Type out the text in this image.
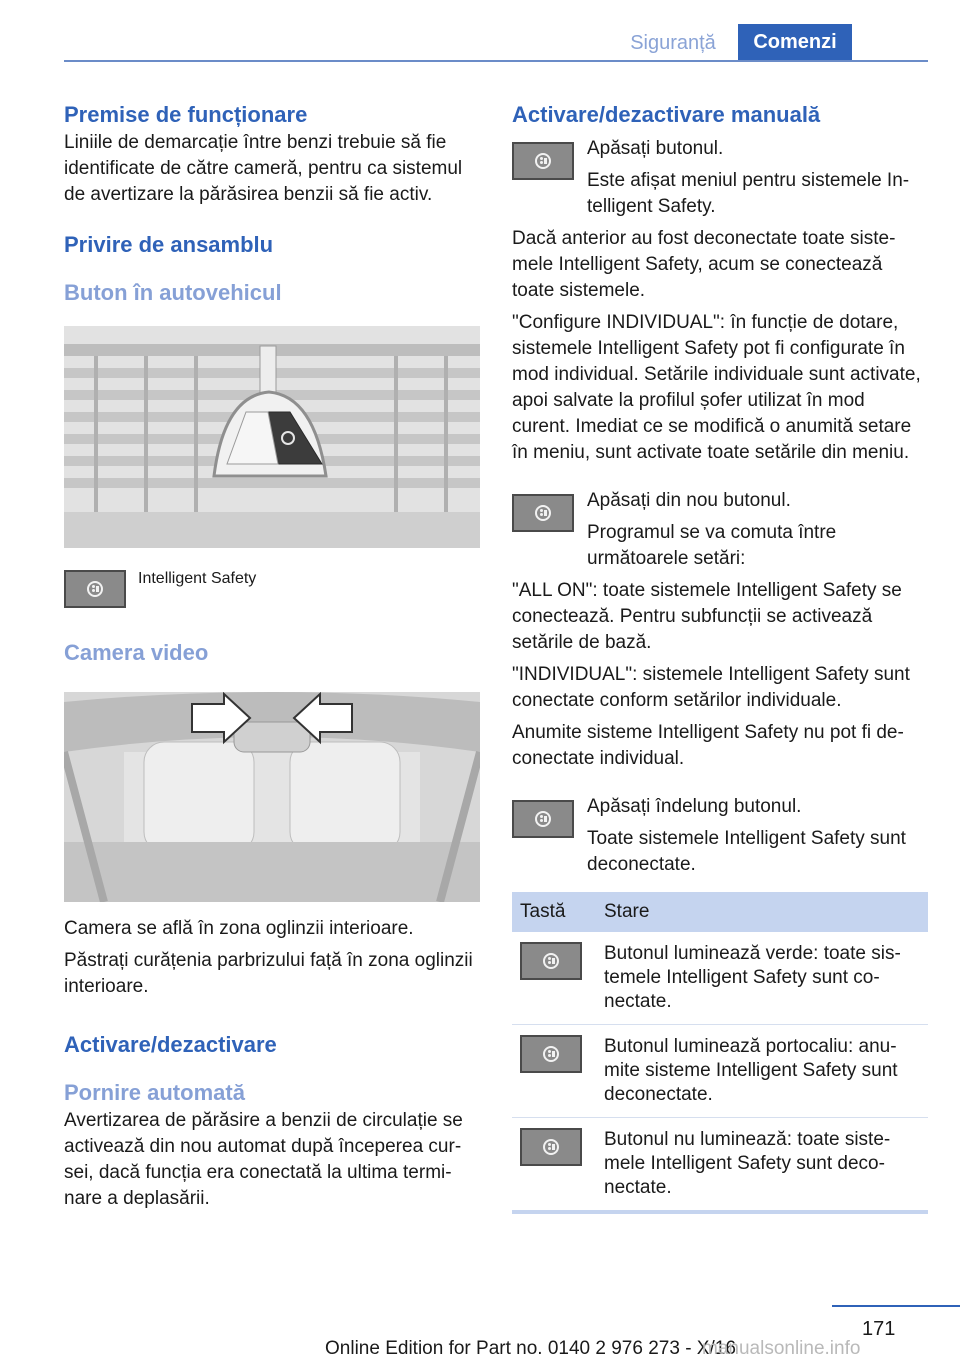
Siguranță	Comenzi
Premise de funcționare

Liniile de demarcație între benzi trebuie să fie identificate de către cameră, pentru ca sistemul de avertizare la părăsirea benzii să fie activ.

Privire de ansamblu
Buton în autovehicul
Intelligent Safety
Camera video

Camera se află în zona oglinzii interioare.

Păstrați curățenia parbrizului față în zona oglinzii interioare.

Activare/dezactivare
Pornire automată

Avertizarea de părăsire a benzii de circulație se activează din nou automat după începerea cursei, dacă funcția era conectată la ultima terminare a deplasării.

Activare/dezactivare manuală

Apăsați butonul.

Este afișat meniul pentru sistemele Intelligent Safety.

Dacă anterior au fost deconectate toate sistemele Intelligent Safety, acum se conectează toate sistemele.

"Configure INDIVIDUAL": în funcție de dotare, sistemele Intelligent Safety pot fi configurate în mod individual. Setările individuale sunt activate, apoi salvate la profilul șofer utilizat în mod curent. Imediat ce se modifică o anumită setare în meniu, sunt activate toate setările din meniu.

Apăsați din nou butonul.

Programul se va comuta între următoarele setări:

"ALL ON": toate sistemele Intelligent Safety se conectează. Pentru subfuncții se activează setările de bază.

"INDIVIDUAL": sistemele Intelligent Safety sunt conectate conform setărilor individuale.

Anumite sisteme Intelligent Safety nu pot fi deconectate individual.

Apăsați îndelung butonul.

Toate sistemele Intelligent Safety sunt deconectate.

Tastă	Stare

	Butonul luminează verde: toate sistemele Intelligent Safety sunt conectate.

	Butonul luminează portocaliu: anumite sisteme Intelligent Safety sunt deconectate.

	Butonul nu luminează: toate sistemele Intelligent Safety sunt deconectate.
171
Online Edition for Part no. 0140 2 976 273 - X/16
manualsonline.info
